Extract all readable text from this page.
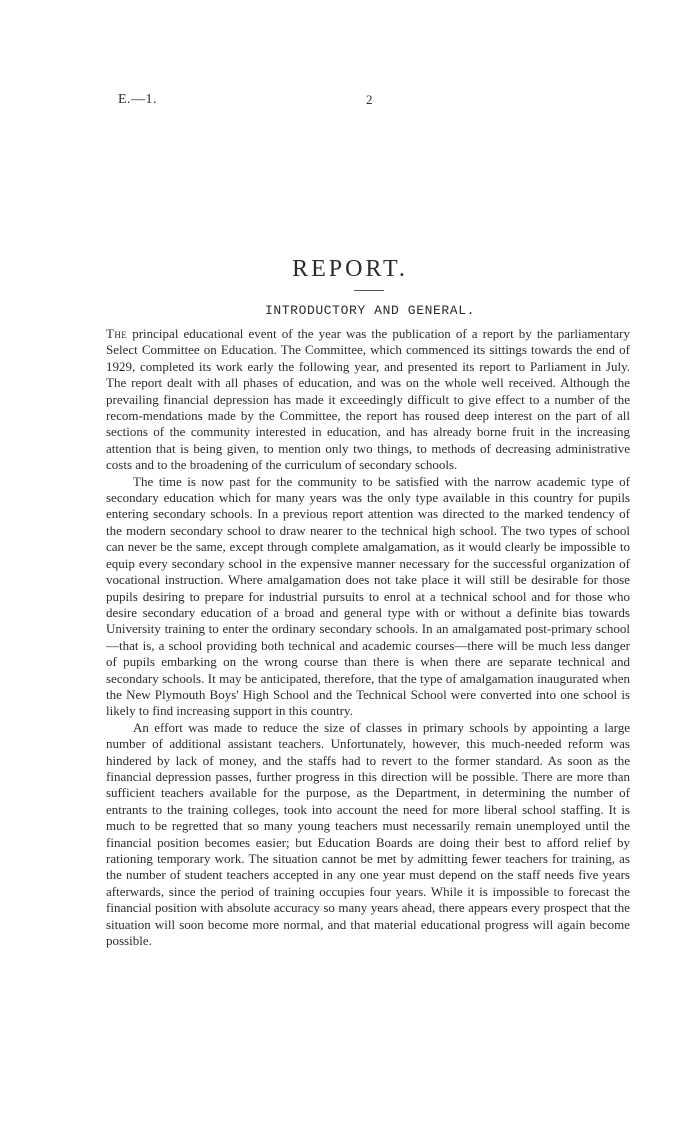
E.—1.	2
REPORT.
INTRODUCTORY AND GENERAL.

The principal educational event of the year was the publication of a report by the parliamentary Select Committee on Education. The Committee, which commenced its sittings towards the end of 1929, completed its work early the following year, and presented its report to Parliament in July. The report dealt with all phases of education, and was on the whole well received. Although the prevailing financial depression has made it exceedingly difficult to give effect to a number of the recom-mendations made by the Committee, the report has roused deep interest on the part of all sections of the community interested in education, and has already borne fruit in the increasing attention that is being given, to mention only two things, to methods of decreasing administrative costs and to the broadening of the curriculum of secondary schools.

The time is now past for the community to be satisfied with the narrow academic type of secondary education which for many years was the only type available in this country for pupils entering secondary schools. In a previous report attention was directed to the marked tendency of the modern secondary school to draw nearer to the technical high school. The two types of school can never be the same, except through complete amalgamation, as it would clearly be impossible to equip every secondary school in the expensive manner necessary for the successful organization of vocational instruction. Where amalgamation does not take place it will still be desirable for those pupils desiring to prepare for industrial pursuits to enrol at a technical school and for those who desire secondary education of a broad and general type with or without a definite bias towards University training to enter the ordinary secondary schools. In an amalgamated post-primary school —that is, a school providing both technical and academic courses—there will be much less danger of pupils embarking on the wrong course than there is when there are separate technical and secondary schools. It may be anticipated, therefore, that the type of amalgamation inaugurated when the New Plymouth Boys' High School and the Technical School were converted into one school is likely to find increasing support in this country.

An effort was made to reduce the size of classes in primary schools by appointing a large number of additional assistant teachers. Unfortunately, however, this much-needed reform was hindered by lack of money, and the staffs had to revert to the former standard. As soon as the financial depression passes, further progress in this direction will be possible. There are more than sufficient teachers available for the purpose, as the Department, in determining the number of entrants to the training colleges, took into account the need for more liberal school staffing. It is much to be regretted that so many young teachers must necessarily remain unemployed until the financial position becomes easier; but Education Boards are doing their best to afford relief by rationing temporary work. The situation cannot be met by admitting fewer teachers for training, as the number of student teachers accepted in any one year must depend on the staff needs five years afterwards, since the period of training occupies four years. While it is impossible to forecast the financial position with absolute accuracy so many years ahead, there appears every prospect that the situation will soon become more normal, and that material educational progress will again become possible.
